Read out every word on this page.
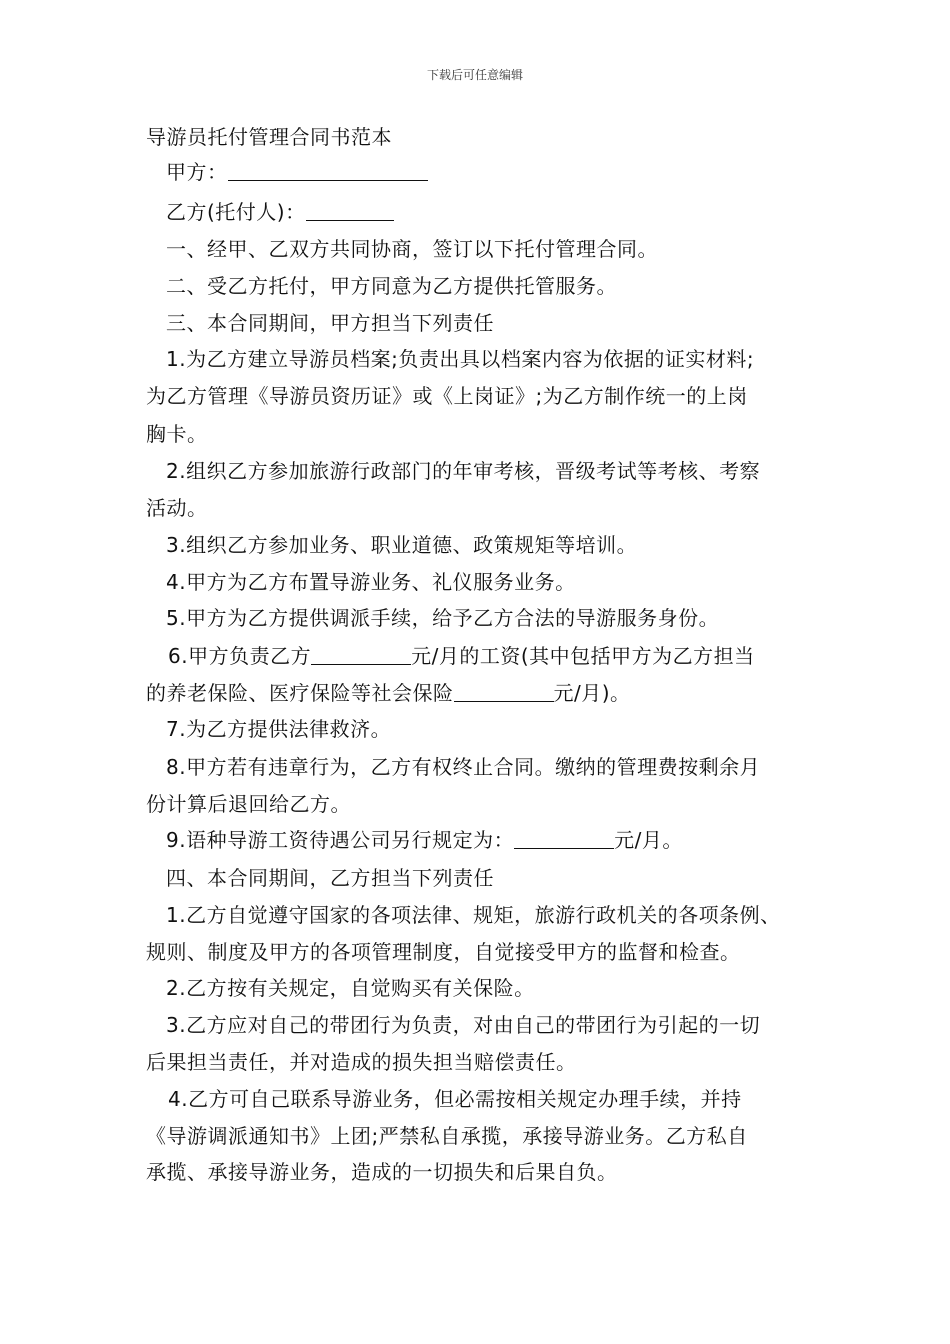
下载后可任意编辑
导游员托付管理合同书范本
甲方：
乙方(托付人)：
一、经甲、乙双方共同协商，签订以下托付管理合同。
二、受乙方托付，甲方同意为乙方提供托管服务。
三、本合同期间，甲方担当下列责任
1.为乙方建立导游员档案;负责出具以档案内容为依据的证实材料;
为乙方管理《导游员资历证》或《上岗证》;为乙方制作统一的上岗
胸卡。
2.组织乙方参加旅游行政部门的年审考核，晋级考试等考核、考察
活动。
3.组织乙方参加业务、职业道德、政策规矩等培训。
4.甲方为乙方布置导游业务、礼仪服务业务。
5.甲方为乙方提供调派手续，给予乙方合法的导游服务身份。
6.甲方负责乙方	元/月的工资(其中包括甲方为乙方担当
的养老保险、医疗保险等社会保险	元/月)。
7.为乙方提供法律救济。
8.甲方若有违章行为，乙方有权终止合同。缴纳的管理费按剩余月
份计算后退回给乙方。
9.语种导游工资待遇公司另行规定为：	元/月。
四、本合同期间，乙方担当下列责任
1.乙方自觉遵守国家的各项法律、规矩，旅游行政机关的各项条例、
规则、制度及甲方的各项管理制度，自觉接受甲方的监督和检查。
2.乙方按有关规定，自觉购买有关保险。
3.乙方应对自己的带团行为负责，对由自己的带团行为引起的一切
后果担当责任，并对造成的损失担当赔偿责任。
4.乙方可自己联系导游业务，但必需按相关规定办理手续，并持
《导游调派通知书》上团;严禁私自承揽，承接导游业务。乙方私自
承揽、承接导游业务，造成的一切损失和后果自负。
